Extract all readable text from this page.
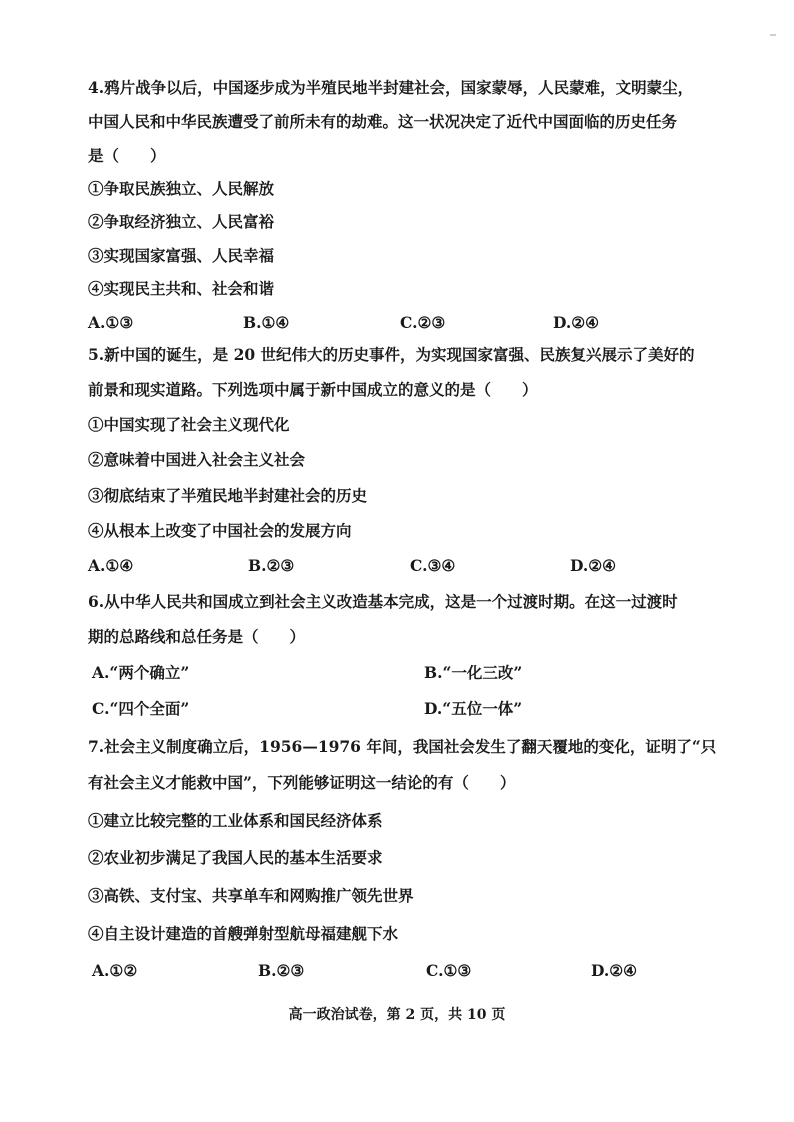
4.鸦片战争以后，中国逐步成为半殖民地半封建社会，国家蒙辱，人民蒙难，文明蒙尘，
中国人民和中华民族遭受了前所未有的劫难。这一状况决定了近代中国面临的历史任务
是（　　）
①争取民族独立、人民解放
②争取经济独立、人民富裕
③实现国家富强、人民幸福
④实现民主共和、社会和谐
A.①③	B.①④	C.②③	D.②④
5.新中国的诞生，是 20 世纪伟大的历史事件，为实现国家富强、民族复兴展示了美好的
前景和现实道路。下列选项中属于新中国成立的意义的是（　　）
①中国实现了社会主义现代化
②意味着中国进入社会主义社会
③彻底结束了半殖民地半封建社会的历史
④从根本上改变了中国社会的发展方向
A.①④	B.②③	C.③④	D.②④
6.从中华人民共和国成立到社会主义改造基本完成，这是一个过渡时期。在这一过渡时
期的总路线和总任务是（　　）
A.“两个确立”	B.“一化三改”
C.“四个全面”	D.“五位一体”
7.社会主义制度确立后，1956—1976 年间，我国社会发生了翻天覆地的变化，证明了“只
有社会主义才能救中国”，下列能够证明这一结论的有（　　）
①建立比较完整的工业体系和国民经济体系
②农业初步满足了我国人民的基本生活要求
③高铁、支付宝、共享单车和网购推广领先世界
④自主设计建造的首艘弹射型航母福建舰下水
A.①②	B.②③	C.①③	D.②④
高一政治试卷，第 2 页，共 10 页
